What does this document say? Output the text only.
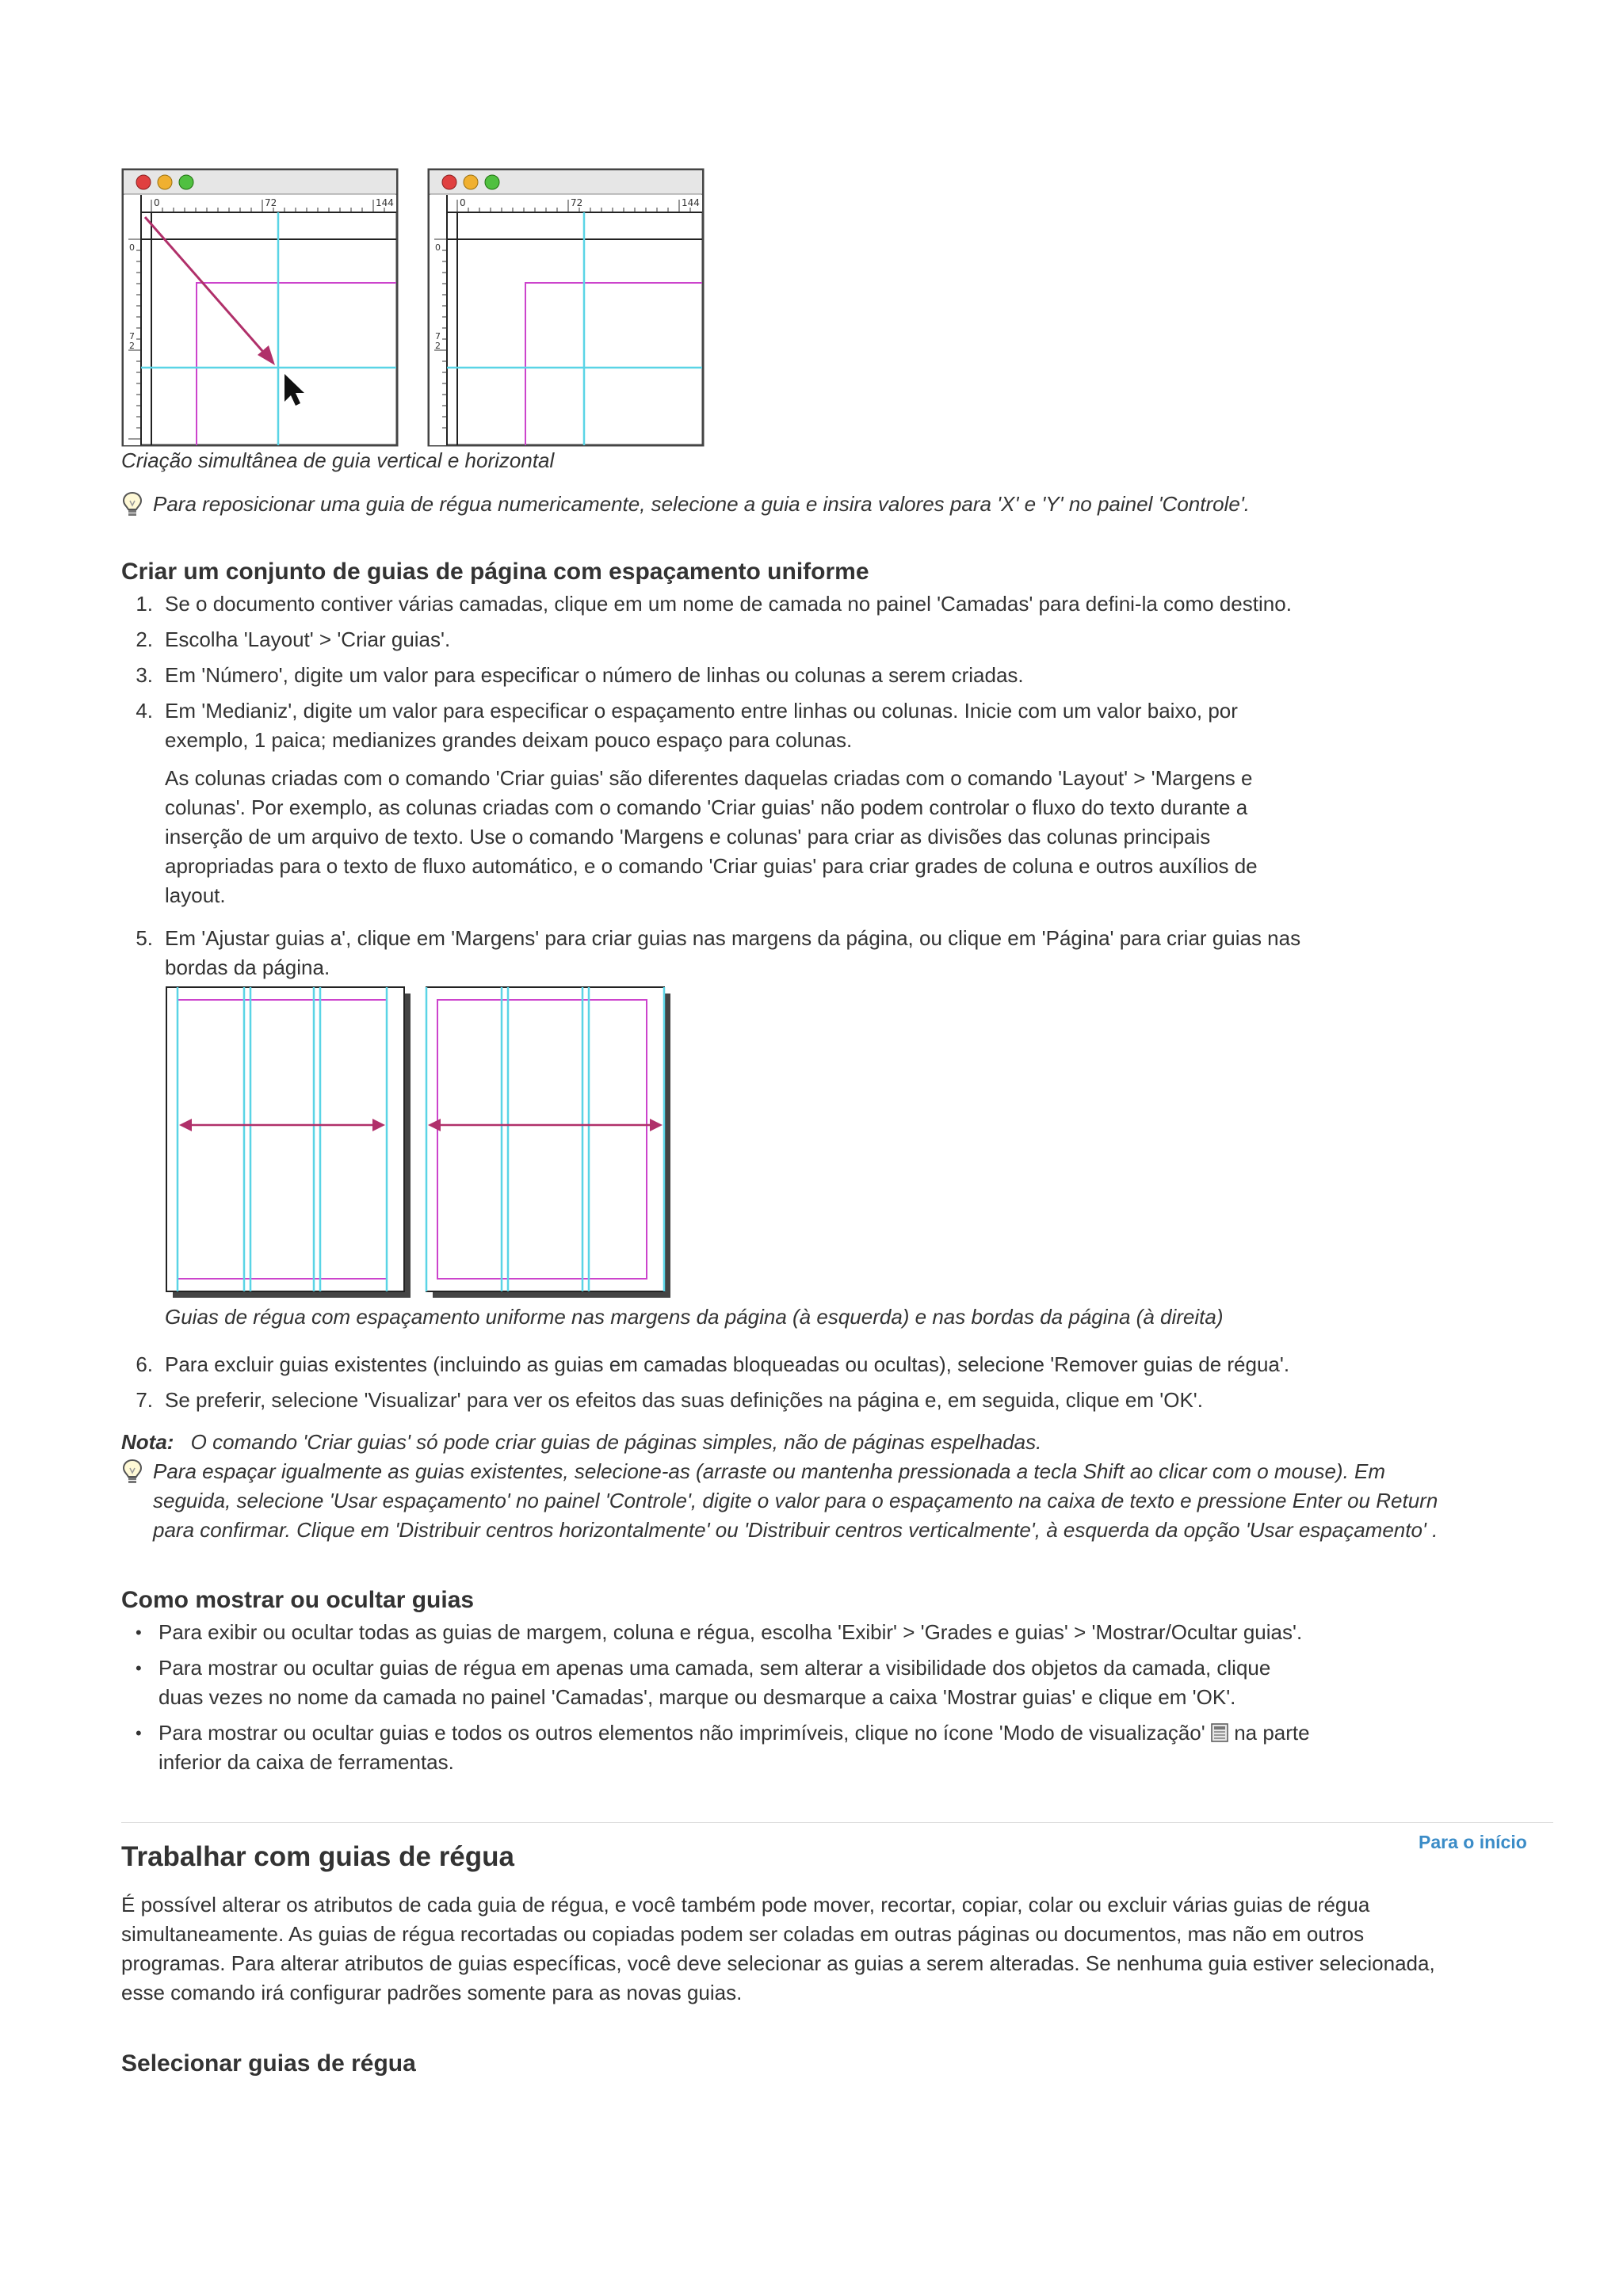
0	72	144
0
7
2
0	72	144
0
7
2
Criação simultânea de guia vertical e horizontal
Para reposicionar uma guia de régua numericamente, selecione a guia e insira valores para 'X' e 'Y' no painel 'Controle'.
Criar um conjunto de guias de página com espaçamento uniforme
1. Se o documento contiver várias camadas, clique em um nome de camada no painel 'Camadas' para defini-la como destino.
2. Escolha 'Layout' > 'Criar guias'.
3. Em 'Número', digite um valor para especificar o número de linhas ou colunas a serem criadas.
4. Em 'Medianiz', digite um valor para especificar o espaçamento entre linhas ou colunas. Inicie com um valor baixo, por
exemplo, 1 paica; medianizes grandes deixam pouco espaço para colunas.
As colunas criadas com o comando 'Criar guias' são diferentes daquelas criadas com o comando 'Layout' > 'Margens e
colunas'. Por exemplo, as colunas criadas com o comando 'Criar guias' não podem controlar o fluxo do texto durante a
inserção de um arquivo de texto. Use o comando 'Margens e colunas' para criar as divisões das colunas principais
apropriadas para o texto de fluxo automático, e o comando 'Criar guias' para criar grades de coluna e outros auxílios de
layout.
5. Em 'Ajustar guias a', clique em 'Margens' para criar guias nas margens da página, ou clique em 'Página' para criar guias nas
bordas da página.
Guias de régua com espaçamento uniforme nas margens da página (à esquerda) e nas bordas da página (à direita)
6. Para excluir guias existentes (incluindo as guias em camadas bloqueadas ou ocultas), selecione 'Remover guias de régua'.
7. Se preferir, selecione 'Visualizar' para ver os efeitos das suas definições na página e, em seguida, clique em 'OK'.
Nota: O comando 'Criar guias' só pode criar guias de páginas simples, não de páginas espelhadas.
Para espaçar igualmente as guias existentes, selecione-as (arraste ou mantenha pressionada a tecla Shift ao clicar com o mouse). Em
seguida, selecione 'Usar espaçamento' no painel 'Controle', digite o valor para o espaçamento na caixa de texto e pressione Enter ou Return
para confirmar. Clique em 'Distribuir centros horizontalmente' ou 'Distribuir centros verticalmente', à esquerda da opção 'Usar espaçamento' .
Como mostrar ou ocultar guias
• Para exibir ou ocultar todas as guias de margem, coluna e régua, escolha 'Exibir' > 'Grades e guias' > 'Mostrar/Ocultar guias'.
• Para mostrar ou ocultar guias de régua em apenas uma camada, sem alterar a visibilidade dos objetos da camada, clique
duas vezes no nome da camada no painel 'Camadas', marque ou desmarque a caixa 'Mostrar guias' e clique em 'OK'.
• Para mostrar ou ocultar guias e todos os outros elementos não imprimíveis, clique no ícone 'Modo de visualização' na parte
inferior da caixa de ferramentas.
Para o início
Trabalhar com guias de régua
É possível alterar os atributos de cada guia de régua, e você também pode mover, recortar, copiar, colar ou excluir várias guias de régua
simultaneamente. As guias de régua recortadas ou copiadas podem ser coladas em outras páginas ou documentos, mas não em outros
programas. Para alterar atributos de guias específicas, você deve selecionar as guias a serem alteradas. Se nenhuma guia estiver selecionada,
esse comando irá configurar padrões somente para as novas guias.
Selecionar guias de régua
